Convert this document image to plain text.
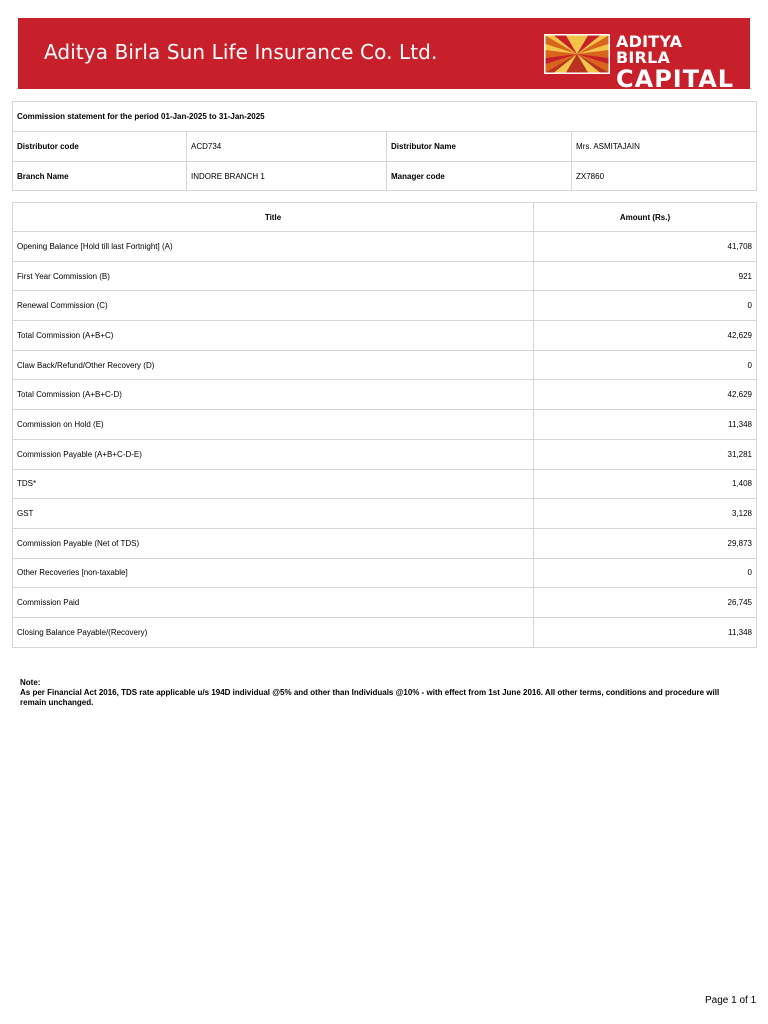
Aditya Birla Sun Life Insurance Co. Ltd.	ADITYA BIRLA
CAPITAL
Commission statement for the period 01-Jan-2025 to 31-Jan-2025			
Distributor code	ACD734	Distributor Name	Mrs. ASMITAJAIN
Branch Name	INDORE BRANCH 1	Manager code	ZX7860
Title	Amount (Rs.)
Opening Balance [Hold till last Fortnight] (A)	41,708
First Year Commission (B)	921
Renewal Commission (C)	0
Total Commission (A+B+C)	42,629
Claw Back/Refund/Other Recovery (D)	0
Total Commission (A+B+C-D)	42,629
Commission on Hold (E)	11,348
Commission Payable (A+B+C-D-E)	31,281
TDS*	1,408
GST	3,128
Commission Payable (Net of TDS)	29,873
Other Recoveries [non-taxable]	0
Commission Paid	26,745
Closing Balance Payable/(Recovery)	11,348
Note:
As per Financial Act 2016, TDS rate applicable u/s 194D individual @5% and other than Individuals @10% - with effect from 1st June 2016. All other terms, conditions and procedure will remain unchanged.
Page 1 of 1
